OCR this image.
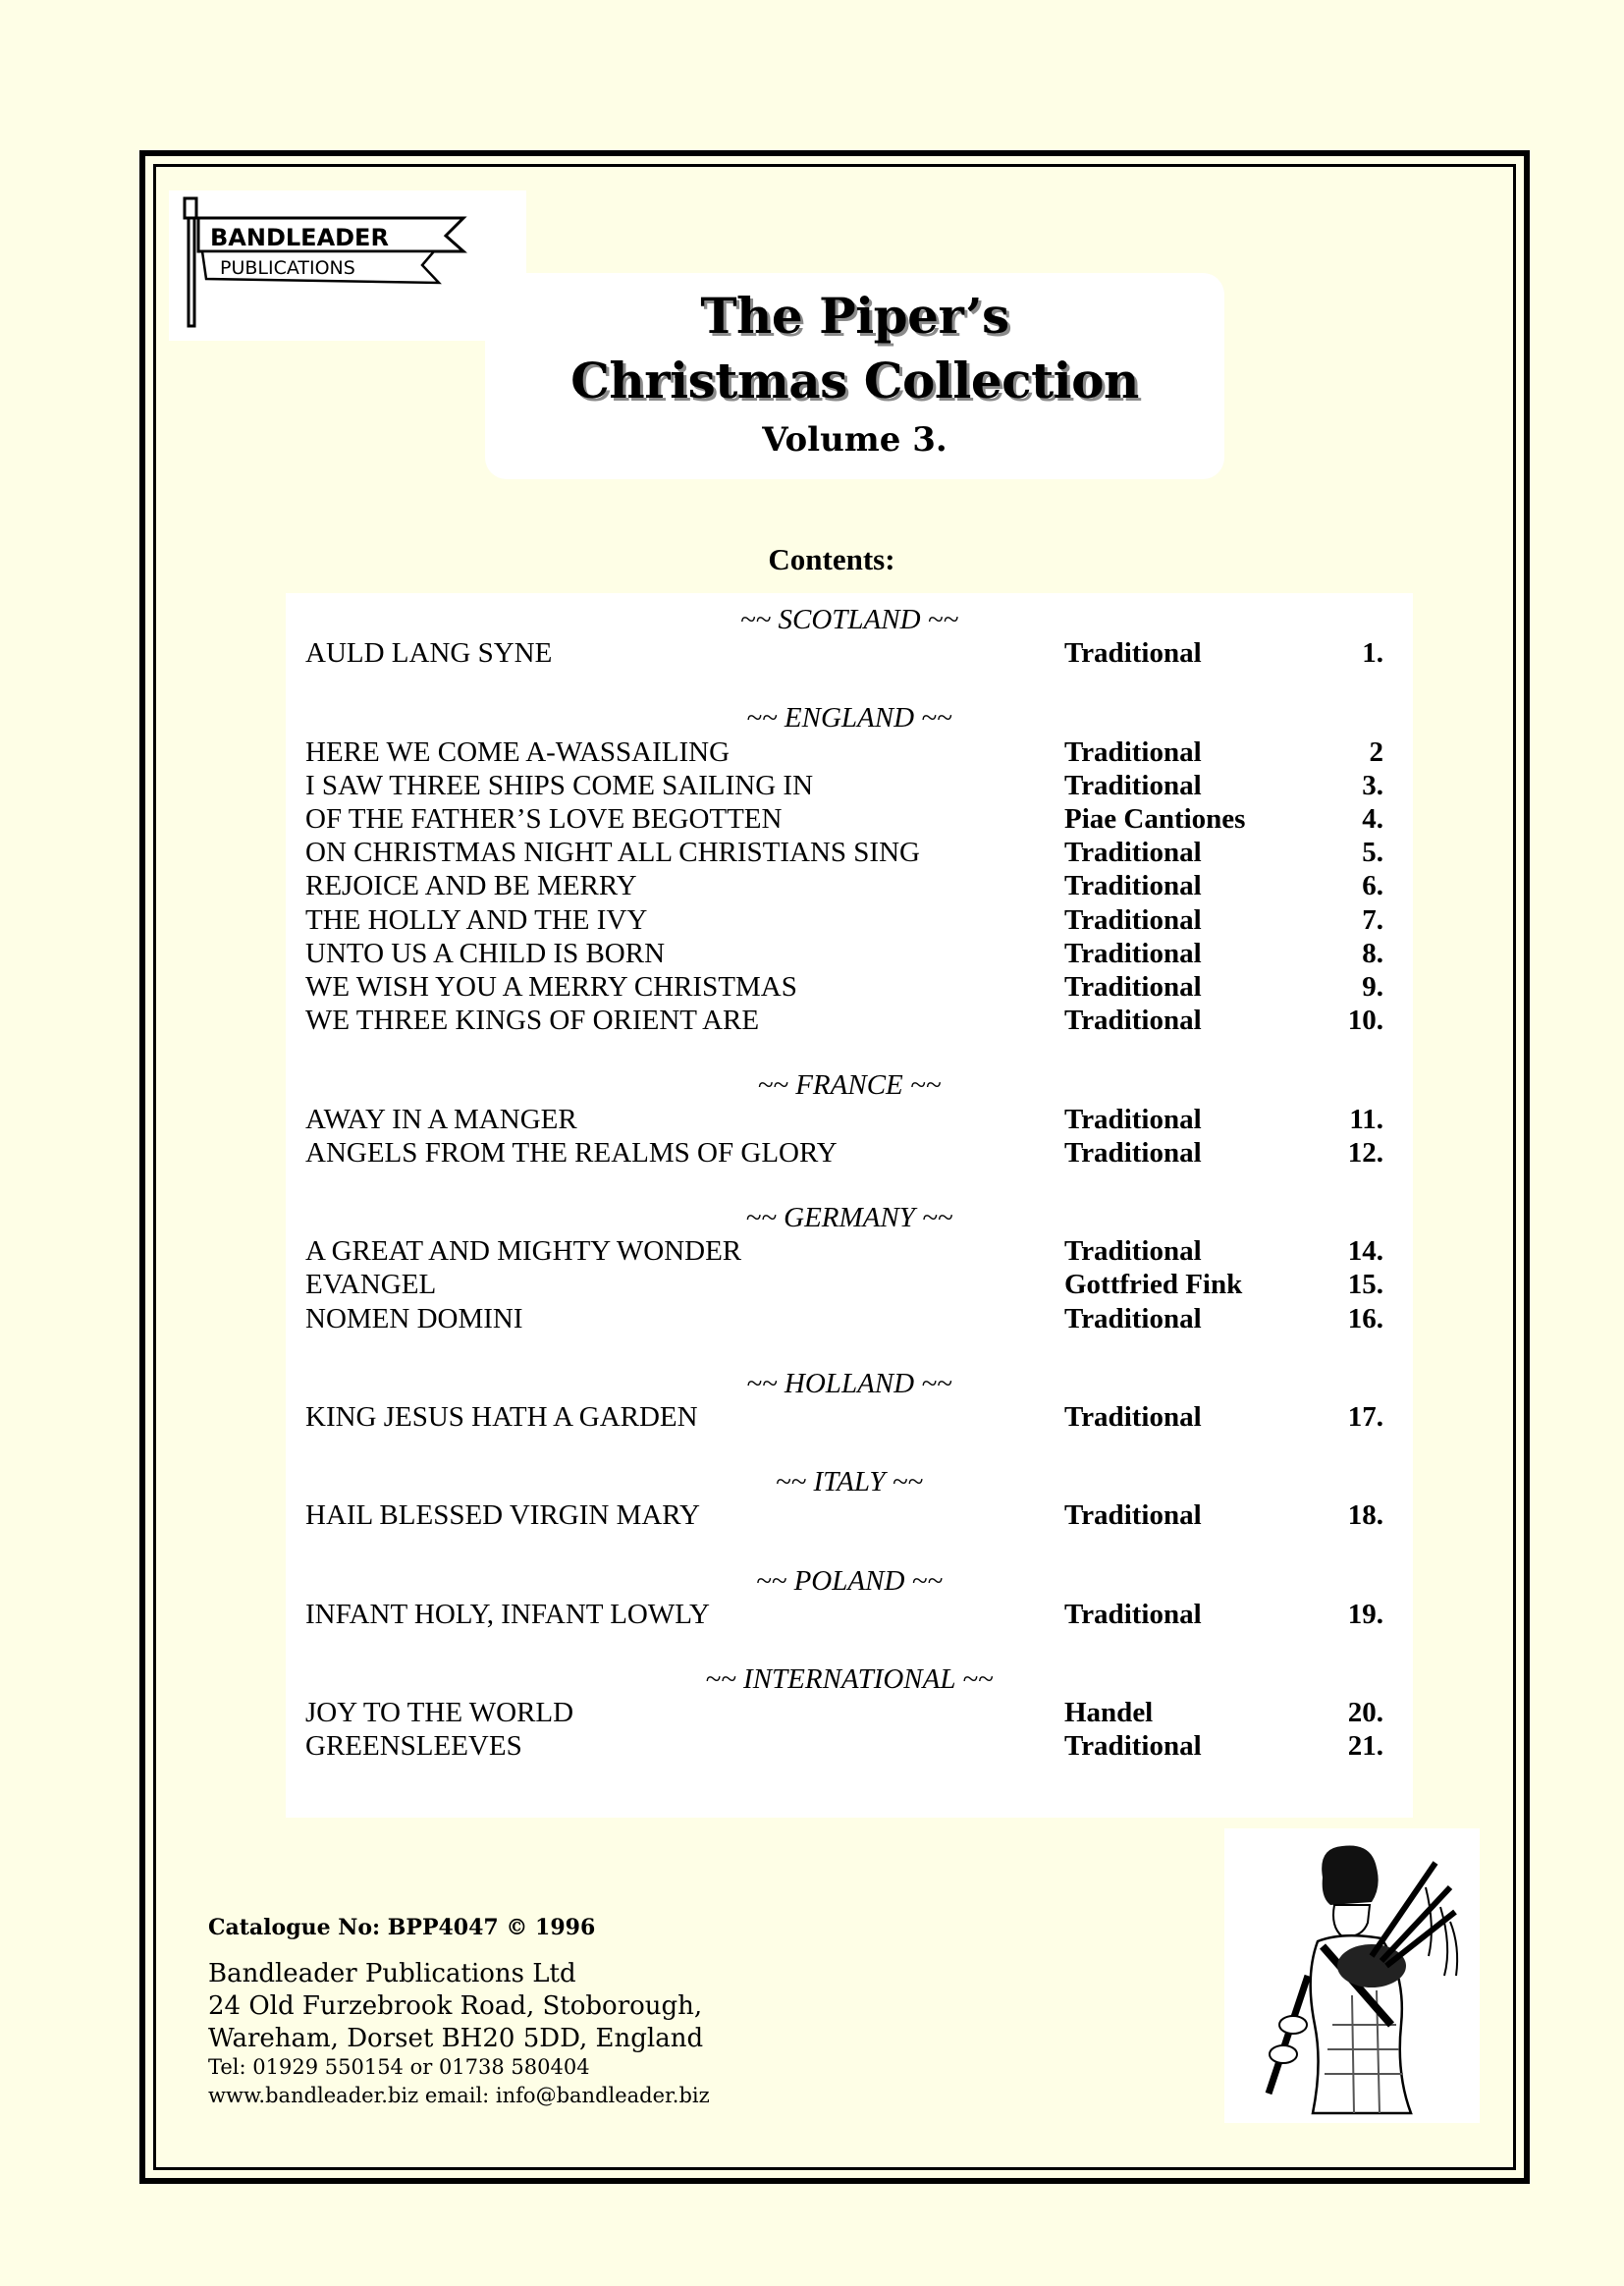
BANDLEADER
PUBLICATIONS
The Piper’s
Christmas Collection
Volume 3.
Contents:
~~ SCOTLAND ~~
AULD LANG SYNE	Traditional	1.
~~ ENGLAND ~~
HERE WE COME A-WASSAILING	Traditional	2
I SAW THREE SHIPS COME SAILING IN	Traditional	3.
OF THE FATHER’S LOVE BEGOTTEN	Piae Cantiones	4.
ON CHRISTMAS NIGHT ALL CHRISTIANS SING	Traditional	5.
REJOICE AND BE MERRY	Traditional	6.
THE HOLLY AND THE IVY	Traditional	7.
UNTO US A CHILD IS BORN	Traditional	8.
WE WISH YOU A MERRY CHRISTMAS	Traditional	9.
WE THREE KINGS OF ORIENT ARE	Traditional	10.
~~ FRANCE ~~
AWAY IN A MANGER	Traditional	11.
ANGELS FROM THE REALMS OF GLORY	Traditional	12.
~~ GERMANY ~~
A GREAT AND MIGHTY WONDER	Traditional	14.
EVANGEL	Gottfried Fink	15.
NOMEN DOMINI	Traditional	16.
~~ HOLLAND ~~
KING JESUS HATH A GARDEN	Traditional	17.
~~ ITALY ~~
HAIL BLESSED VIRGIN MARY	Traditional	18.
~~ POLAND ~~
INFANT HOLY, INFANT LOWLY	Traditional	19.
~~ INTERNATIONAL ~~
JOY TO THE WORLD	Handel	20.
GREENSLEEVES	Traditional	21.
Catalogue No: BPP4047 © 1996
Bandleader Publications Ltd
24 Old Furzebrook Road, Stoborough,
Wareham, Dorset BH20 5DD, England
Tel: 01929 550154 or 01738 580404
www.bandleader.biz email: info@bandleader.biz
